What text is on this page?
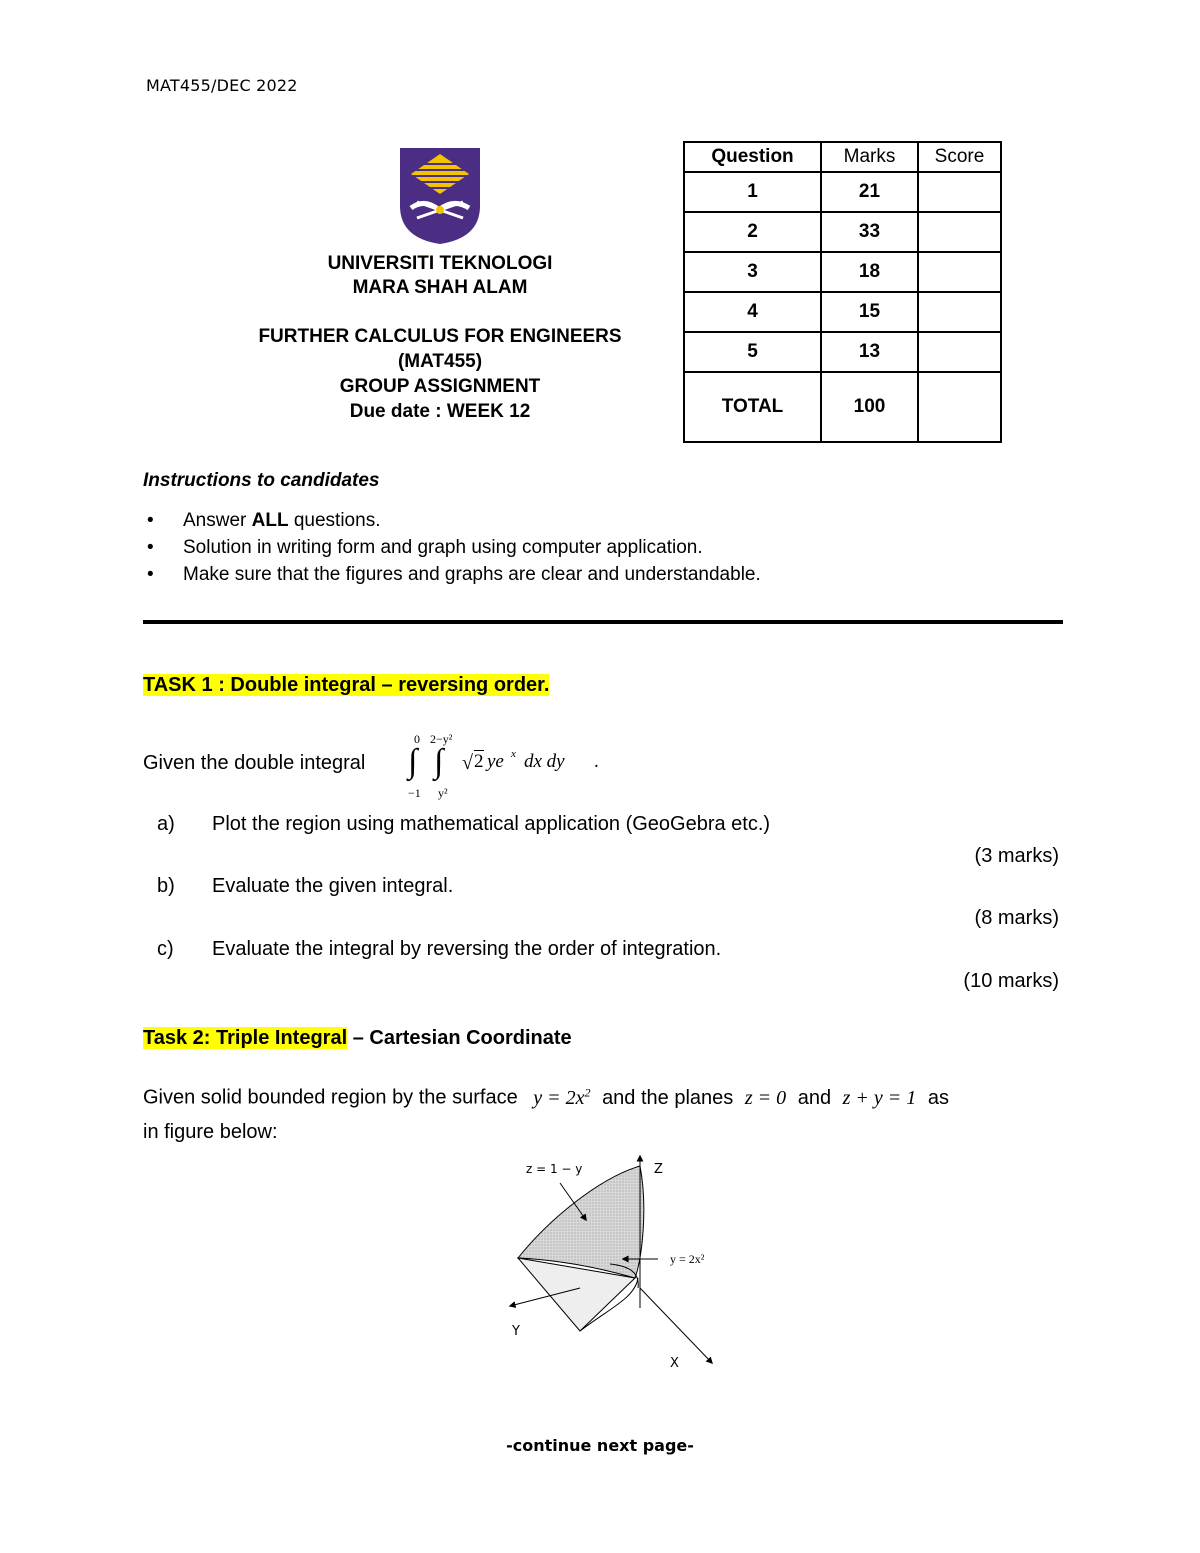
MAT455/DEC 2022
UNIVERSITI TEKNOLOGI
MARA SHAH ALAM
FURTHER CALCULUS FOR ENGINEERS
(MAT455)
GROUP ASSIGNMENT
Due date : WEEK 12
Question	Marks	Score
1	21	
2	33	
3	18	
4	15	
5	13	
TOTAL	100	
Instructions to candidates
• Answer ALL questions.
• Solution in writing form and graph using computer application.
• Make sure that the figures and graphs are clear and understandable.
TASK 1 : Double integral – reversing order.
Given the double integral
0 2−y²
∫ ∫
−1 y²
√ 2 ye x dx dy .
a) Plot the region using mathematical application (GeoGebra etc.)
(3 marks)
b) Evaluate the given integral.
(8 marks)
c) Evaluate the integral by reversing the order of integration.
(10 marks)
Task 2: Triple Integral – Cartesian Coordinate
Given solid bounded region by the surface $y = 2x^2$ and the planes z = 0 and z + y = 1 as
in figure below:
z = 1 − y
y = 2x²
Z
Y
X
-continue next page-
